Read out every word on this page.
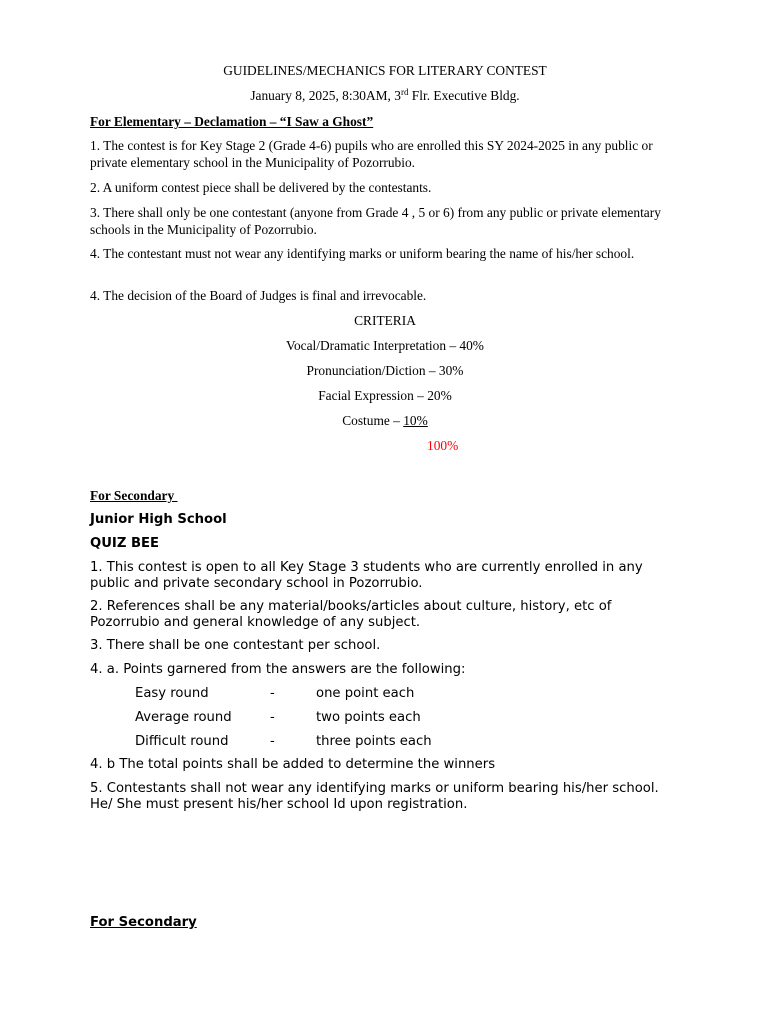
GUIDELINES/MECHANICS FOR LITERARY CONTEST

January 8, 2025, 8:30AM, 3rd Flr. Executive Bldg.

For Elementary – Declamation – “I Saw a Ghost”

1. The contest is for Key Stage 2 (Grade 4-6) pupils who are enrolled this SY 2024-2025 in any public or private elementary school in the Municipality of Pozorrubio.

2. A uniform contest piece shall be delivered by the contestants.

3. There shall only be one contestant (anyone from Grade 4 , 5 or 6) from any public or private elementary schools in the Municipality of Pozorrubio.

4. The contestant must not wear any identifying marks or uniform bearing the name of his/her school.

4. The decision of the Board of Judges is final and irrevocable.

CRITERIA

Vocal/Dramatic Interpretation – 40%

Pronunciation/Diction – 30%

Facial Expression – 20%

Costume – 10%

100%

For Secondary

Junior High School

QUIZ BEE

1. This contest is open to all Key Stage 3 students who are currently enrolled in any public and private secondary school in Pozorrubio.

2. References shall be any material/books/articles about culture, history, etc of Pozorrubio and general knowledge of any subject.

3. There shall be one contestant per school.

4. a. Points garnered from the answers are the following:

Easy round	-	one point each
Average round	-	two points each
Difficult round	-	three points each

4. b The total points shall be added to determine the winners

5. Contestants shall not wear any identifying marks or uniform bearing his/her school. He/ She must present his/her school Id upon registration.

For Secondary
